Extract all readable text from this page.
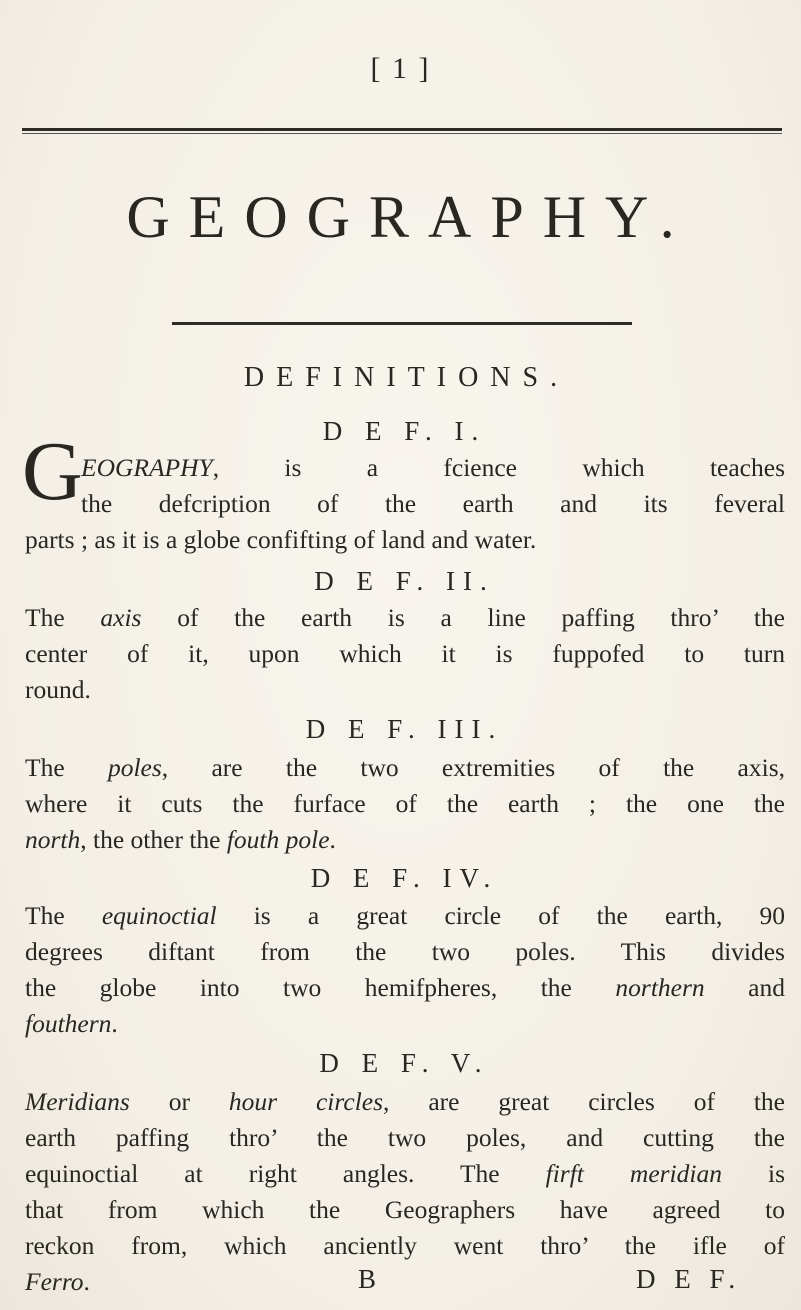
[ 1 ]
GEOGRAPHY.
DEFINITIONS.
D E F. I.
G
EOGRAPHY, is a fcience which teaches
the defcription of the earth and its feveral
parts ; as it is a globe confifting of land and water.
D E F. II.
The axis of the earth is a line paffing thro’ the
center of it, upon which it is fuppofed to turn
round.
D E F. III.
The poles, are the two extremities of the axis,
where it cuts the furface of the earth ; the one the
north, the other the fouth pole.
D E F. IV.
The equinoctial is a great circle of the earth, 90
degrees diftant from the two poles. This divides
the globe into two hemifpheres, the northern and
fouthern.
D E F. V.
Meridians or hour circles, are great circles of the
earth paffing thro’ the two poles, and cutting the
equinoctial at right angles. The firft meridian is
that from which the Geographers have agreed to
reckon from, which anciently went thro’ the ifle of
Ferro.	B	D E F.
